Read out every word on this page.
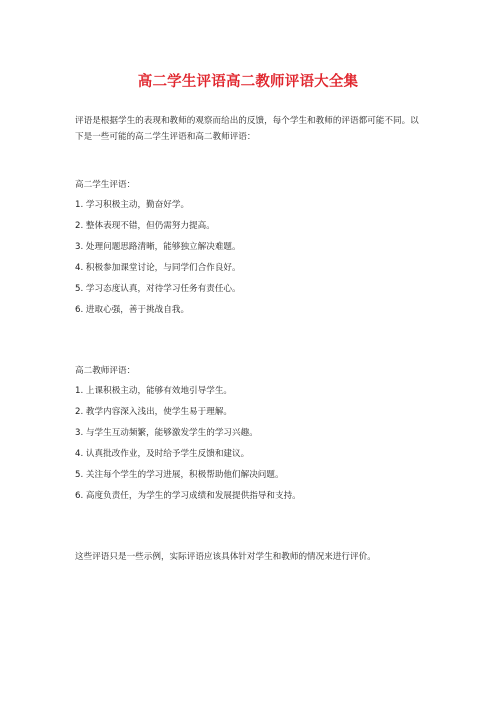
高二学生评语高二教师评语大全集

评语是根据学生的表现和教师的观察而给出的反馈，每个学生和教师的评语都可能不同。以下是一些可能的高二学生评语和高二教师评语：

高二学生评语：

1. 学习积极主动，勤奋好学。
2. 整体表现不错，但仍需努力提高。
3. 处理问题思路清晰，能够独立解决难题。
4. 积极参加课堂讨论，与同学们合作良好。
5. 学习态度认真，对待学习任务有责任心。
6. 进取心强，善于挑战自我。

高二教师评语：

1. 上课积极主动，能够有效地引导学生。
2. 教学内容深入浅出，使学生易于理解。
3. 与学生互动频繁，能够激发学生的学习兴趣。
4. 认真批改作业，及时给予学生反馈和建议。
5. 关注每个学生的学习进展，积极帮助他们解决问题。
6. 高度负责任，为学生的学习成绩和发展提供指导和支持。

这些评语只是一些示例，实际评语应该具体针对学生和教师的情况来进行评价。
